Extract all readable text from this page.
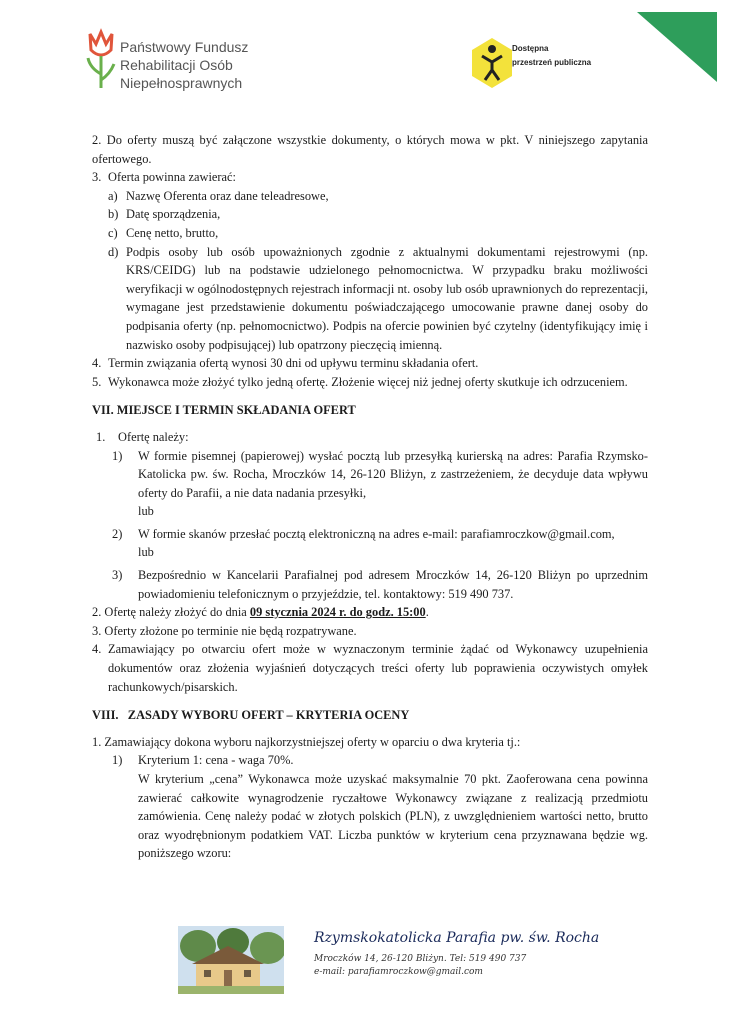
Państwowy Fundusz
Rehabilitacji Osób
Niepełnosprawnych
Dostępna
przestrzeń publiczna

2. Do oferty muszą być załączone wszystkie dokumenty, o których mowa w pkt. V niniejszego zapytania ofertowego.

3. Oferta powinna zawierać:
a) Nazwę Oferenta oraz dane teleadresowe,
b) Datę sporządzenia,
c) Cenę netto, brutto,
d) Podpis osoby lub osób upoważnionych zgodnie z aktualnymi dokumentami rejestrowymi (np. KRS/CEIDG) lub na podstawie udzielonego pełnomocnictwa. W przypadku braku możliwości weryfikacji w ogólnodostępnych rejestrach informacji nt. osoby lub osób uprawnionych do reprezentacji, wymagane jest przedstawienie dokumentu poświadczającego umocowanie prawne danej osoby do podpisania oferty (np. pełnomocnictwo). Podpis na ofercie powinien być czytelny (identyfikujący imię i nazwisko osoby podpisującej) lub opatrzony pieczęcią imienną.
4. Termin związania ofertą wynosi 30 dni od upływu terminu składania ofert.
5. Wykonawca może złożyć tylko jedną ofertę. Złożenie więcej niż jednej oferty skutkuje ich odrzuceniem.
VII. MIEJSCE I TERMIN SKŁADANIA OFERT
1.	Ofertę należy:
1)	W formie pisemnej (papierowej) wysłać pocztą lub przesyłką kurierską na adres: Parafia Rzymsko-Katolicka pw. św. Rocha, Mroczków 14, 26-120 Bliżyn, z zastrzeżeniem, że decyduje data wpływu oferty do Parafii, a nie data nadania przesyłki,
lub
2)	W formie skanów przesłać pocztą elektroniczną na adres e-mail: parafiamroczkow@gmail.com,
lub
3)	Bezpośrednio w Kancelarii Parafialnej pod adresem Mroczków 14, 26-120 Bliżyn po uprzednim powiadomieniu telefonicznym o przyjeździe, tel. kontaktowy: 519 490 737.

2. Ofertę należy złożyć do dnia 09 stycznia 2024 r. do godz. 15:00.

3. Oferty złożone po terminie nie będą rozpatrywane.

4. Zamawiający po otwarciu ofert może w wyznaczonym terminie żądać od Wykonawcy uzupełnienia dokumentów oraz złożenia wyjaśnień dotyczących treści oferty lub poprawienia oczywistych omyłek rachunkowych/pisarskich.
VIII.   ZASADY WYBORU OFERT – KRYTERIA OCENY

1. Zamawiający dokona wyboru najkorzystniejszej oferty w oparciu o dwa kryteria tj.:

1)	Kryterium 1: cena - waga 70%.
W kryterium „cena” Wykonawca może uzyskać maksymalnie 70 pkt. Zaoferowana cena powinna zawierać całkowite wynagrodzenie ryczałtowe Wykonawcy związane z realizacją przedmiotu zamówienia. Cenę należy podać w złotych polskich (PLN), z uwzględnieniem wartości netto, brutto oraz wyodrębnionym podatkiem VAT. Liczba punktów w kryterium cena przyznawana będzie wg. poniższego wzoru:
Rzymskokatolicka Parafia pw. św. Rocha
Mroczków 14, 26-120 Bliżyn. Tel: 519 490 737
e-mail: parafiamroczkow@gmail.com
